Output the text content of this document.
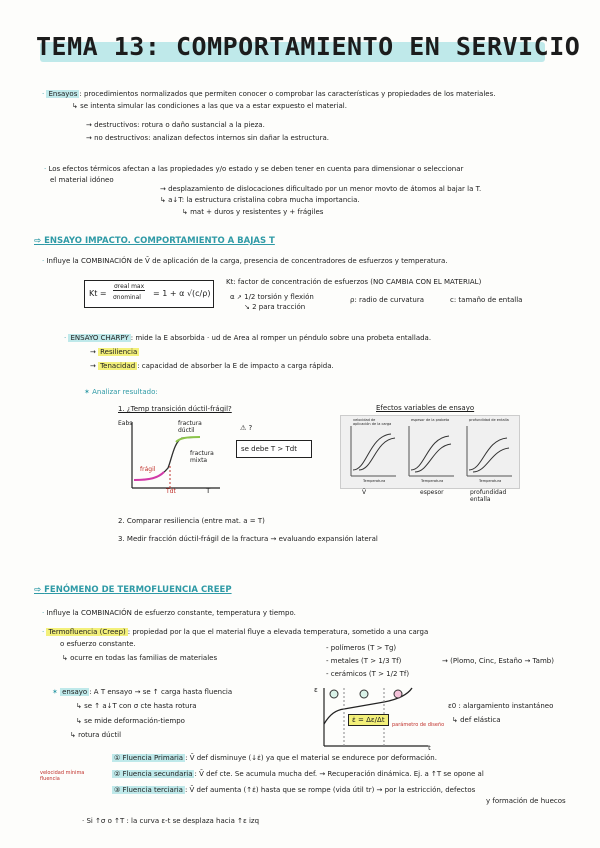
TEMA 13: COMPORTAMIENTO EN SERVICIO
· Ensayos : procedimientos normalizados que permiten conocer o comprobar las características y propiedades de los materiales.
↳ se intenta simular las condiciones a las que va a estar expuesto el material.
→ destructivos: rotura o daño sustancial a la pieza.
→ no destructivos: analizan defectos internos sin dañar la estructura.
· Los efectos térmicos afectan a las propiedades y/o estado y se deben tener en cuenta para dimensionar o seleccionar
el material idóneo
→ desplazamiento de dislocaciones dificultado por un menor movto de átomos al bajar la T.
↳ a↓T: la estructura cristalina cobra mucha importancia.
↳ mat + duros y resistentes y + frágiles
⇨ ENSAYO IMPACTO. COMPORTAMIENTO A BAJAS T
· Influye la COMBINACIÓN de V̄ de aplicación de la carga, presencia de concentradores de esfuerzos y temperatura.
Kt =
σreal max
σnominal = 1 + α √(c/ρ)
Kt: factor de concentración de esfuerzos (NO CAMBIA CON EL MATERIAL)
α ↗ 1/2 torsión y flexión
↘ 2 para tracción
ρ: radio de curvatura	c: tamaño de entalla
· ENSAYO CHARPY : mide la E absorbida · ud de Area al romper un péndulo sobre una probeta entallada.
→ Resiliencia
→ Tenacidad : capacidad de absorber la E de impacto a carga rápida.
✶ Analizar resultado:
1. ¿Temp transición dúctil-frágil?
Eabs
T
fractura dúctil
fractura mixta
frágil
Tdt
⚠ ?
se debe T > Tdt
Efectos variables de ensayo
velocidad de aplicación de la carga
espesor de la probeta	profundidad de entalla
Temperatura	Temperatura	Temperatura
V̄	espesor	profundidad entalla
2. Comparar resiliencia (entre mat. a = T)
3. Medir fracción dúctil-frágil de la fractura → evaluando expansión lateral
⇨ FENÓMENO DE TERMOFLUENCIA CREEP
· Influye la COMBINACIÓN de esfuerzo constante, temperatura y tiempo.
· Termofluencia (Creep) : propiedad por la que el material fluye a elevada temperatura, sometido a una carga
o esfuerzo constante.
↳ ocurre en todas las familias de materiales
- polímeros (T > Tg)
- metales (T > 1/3 Tf)
- cerámicos (T > 1/2 Tf)
→ (Plomo, Cinc, Estaño → Tamb)
✶ ensayo : A T ensayo → se ↑ carga hasta fluencia
↳ se ↑ a↓T con σ cte hasta rotura
↳ se mide deformación-tiempo
↳ rotura dúctil
ε
t
ε̇ = Δε/Δt
parámetro de diseño
ε0 : alargamiento instantáneo
↳ def elástica
① Fluencia Primaria : V̄ def disminuye (↓ε̇) ya que el material se endurece por deformación.
② Fluencia secundaria : V̄ def cte. Se acumula mucha def. → Recuperación dinámica. Ej. a ↑T se opone al
③ Fluencia terciaria : V̄ def aumenta (↑ε̇) hasta que se rompe (vida útil tr) → por la estricción, defectos
y formación de huecos
velocidad mínima fluencia
· Si ↑σ o ↑T : la curva ε-t se desplaza hacia ↑ε izq
